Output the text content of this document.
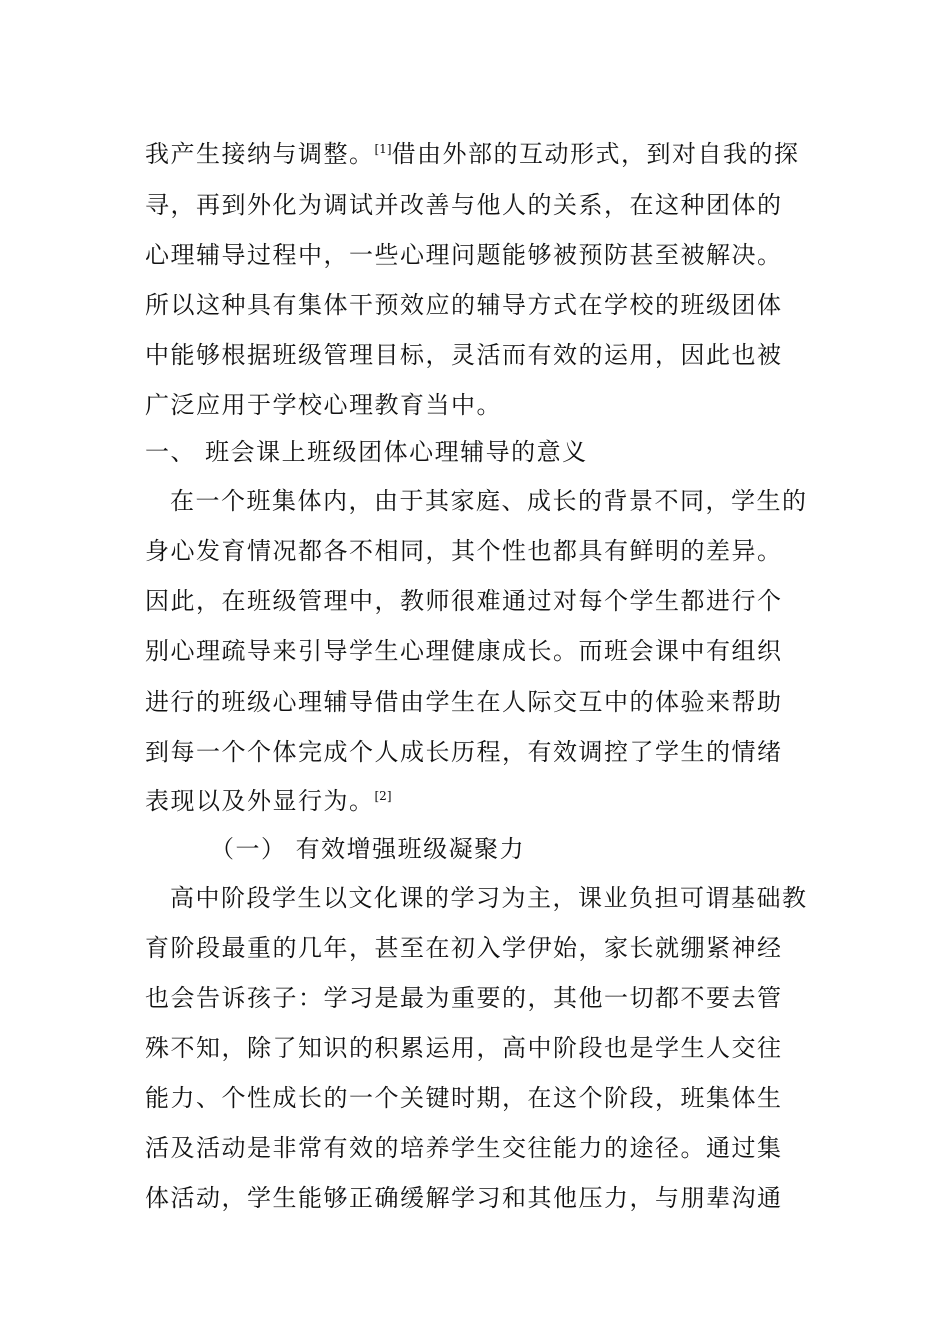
我产生接纳与调整。[1]借由外部的互动形式，到对自我的探
寻，再到外化为调试并改善与他人的关系，在这种团体的
心理辅导过程中，一些心理问题能够被预防甚至被解决。
所以这种具有集体干预效应的辅导方式在学校的班级团体
中能够根据班级管理目标，灵活而有效的运用，因此也被
广泛应用于学校心理教育当中。
一、 班会课上班级团体心理辅导的意义
在一个班集体内，由于其家庭、成长的背景不同，学生的
身心发育情况都各不相同，其个性也都具有鲜明的差异。
因此，在班级管理中，教师很难通过对每个学生都进行个
别心理疏导来引导学生心理健康成长。而班会课中有组织
进行的班级心理辅导借由学生在人际交互中的体验来帮助
到每一个个体完成个人成长历程，有效调控了学生的情绪
表现以及外显行为。[2]
（一） 有效增强班级凝聚力
高中阶段学生以文化课的学习为主，课业负担可谓基础教
育阶段最重的几年，甚至在初入学伊始，家长就绷紧神经
也会告诉孩子：学习是最为重要的，其他一切都不要去管
殊不知，除了知识的积累运用，高中阶段也是学生人交往
能力、个性成长的一个关键时期，在这个阶段，班集体生
活及活动是非常有效的培养学生交往能力的途径。通过集
体活动，学生能够正确缓解学习和其他压力，与朋辈沟通
